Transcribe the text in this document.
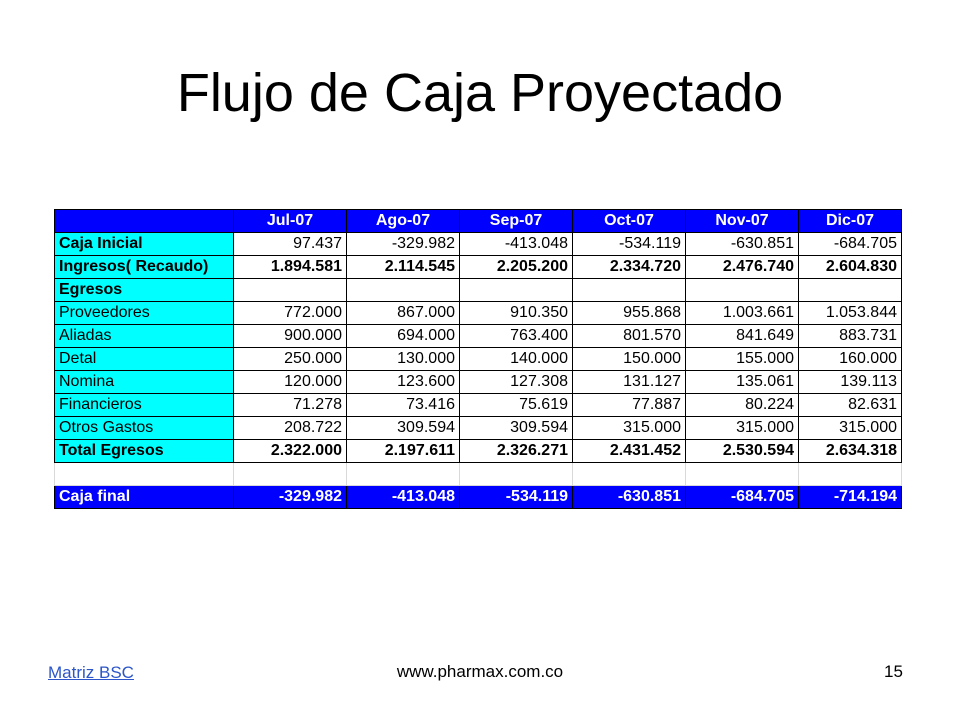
Flujo de Caja Proyectado
	Jul-07	Ago-07	Sep-07	Oct-07	Nov-07	Dic-07
Caja Inicial	97.437	-329.982	-413.048	-534.119	-630.851	-684.705
Ingresos( Recaudo)	1.894.581	2.114.545	2.205.200	2.334.720	2.476.740	2.604.830
Egresos						
Proveedores	772.000	867.000	910.350	955.868	1.003.661	1.053.844
Aliadas	900.000	694.000	763.400	801.570	841.649	883.731
Detal	250.000	130.000	140.000	150.000	155.000	160.000
Nomina	120.000	123.600	127.308	131.127	135.061	139.113
Financieros	71.278	73.416	75.619	77.887	80.224	82.631
Otros Gastos	208.722	309.594	309.594	315.000	315.000	315.000
Total Egresos	2.322.000	2.197.611	2.326.271	2.431.452	2.530.594	2.634.318

Caja final	-329.982	-413.048	-534.119	-630.851	-684.705	-714.194
Matriz BSC	www.pharmax.com.co	15
